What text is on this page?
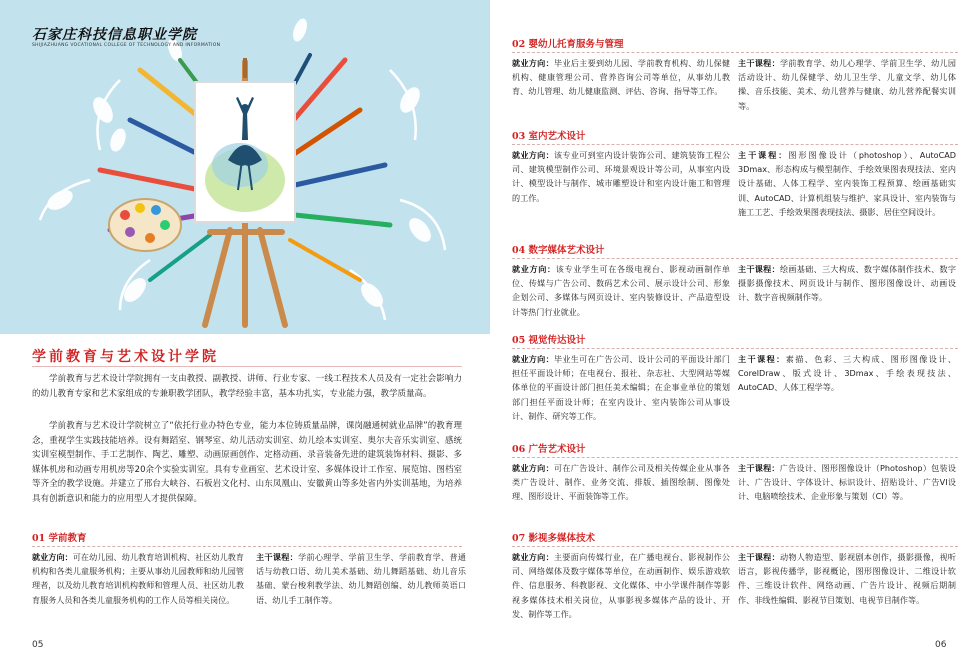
石家庄科技信息职业学院
SHIJIAZHUANG VOCATIONAL COLLEGE OF TECHNOLOGY AND INFORMATION
学前教育与艺术设计学院

学前教育与艺术设计学院拥有一支由教授、副教授、讲师、行业专家、一线工程技术人员及有一定社会影响力的幼儿教育专家和艺术家组成的专兼职教学团队，教学经验丰富，基本功扎实，专业能力强，教学质量高。

学前教育与艺术设计学院树立了“依托行业办特色专业，能力本位铸质量品牌，课岗融通树就业品牌”的教育理念，重视学生实践技能培养。设有舞蹈室、钢琴室、幼儿活动实训室、幼儿绘本实训室、奥尔夫音乐实训室、感统实训室模型制作、手工艺制作、陶艺、雕塑、动画原画创作、定格动画、录音装备先进的建筑装饰材料、摄影、多媒体机房和动画专用机房等20余个实验实训室。具有专业画室、艺术设计室、多媒体设计工作室、展览馆、图档室等齐全的教学设施。并建立了邢台大峡谷、石板岩文化村、山东凤凰山、安徽黄山等多处省内外实训基地，为培养具有创新意识和能力的应用型人才提供保障。

01 学前教育
就业方向：可在幼儿园、幼儿教育培训机构、社区幼儿教育机构和各类儿童服务机构；主要从事幼儿园教师和幼儿园管理者，以及幼儿教育培训机构教师和管理人员、社区幼儿教育服务人员和各类儿童服务机构的工作人员等相关岗位。
主干课程：学前心理学、学前卫生学、学前教育学、普通话与幼教口语、幼儿美术基础、幼儿舞蹈基础、幼儿音乐基础、蒙台梭利教学法、幼儿舞蹈创编、幼儿教师英语口语、幼儿手工制作等。
05
02 婴幼儿托育服务与管理
就业方向：毕业后主要到幼儿园、学前教育机构、幼儿保健机构、健康管理公司、营养咨询公司等单位，从事幼儿教育、幼儿管理、幼儿健康监测、评估、咨询、指导等工作。
主干课程：学前教育学、幼儿心理学、学前卫生学、幼儿园活动设计、幼儿保健学、幼儿卫生学、儿童文学、幼儿体操、音乐技能、美术、幼儿营养与健康、幼儿营养配餐实训等。
03 室内艺术设计
就业方向：该专业可到室内设计装饰公司、建筑装饰工程公司、建筑模型制作公司、环境景观设计等公司，从事室内设计、模型设计与制作、城市雕塑设计和室内设计施工和管理的工作。
主干课程：图形图像设计（photoshop）、AutoCAD 3Dmax、形态构成与模型制作、手绘效果图表现技法、室内设计基础、人体工程学、室内装饰工程预算、绘画基础实训、AutoCAD、计算机组装与维护、家具设计、室内装饰与施工工艺、手绘效果图表现技法、摄影、居住空间设计。
04 数字媒体艺术设计
就业方向：该专业学生可在各级电视台、影视动画制作单位、传媒与广告公司、数码艺术公司、展示设计公司、形象企划公司、多媒体与网页设计、室内装修设计、产品造型设计等热门行业就业。
主干课程：绘画基础、三大构成、数字媒体制作技术、数字摄影摄像技术、网页设计与制作、图形图像设计、动画设计、数字音视频制作等。
05 视觉传达设计
就业方向：毕业生可在广告公司、设计公司的平面设计部门担任平面设计师；在电视台、报社、杂志社、大型网站等媒体单位的平面设计部门担任美术编辑；在企事业单位的策划部门担任平面设计师；在室内设计、室内装饰公司从事设计、制作、研究等工作。
主干课程：素描、色彩、三大构成、图形图像设计、CorelDraw、版式设计、3Dmax、手绘表现技法、AutoCAD、人体工程学等。
06 广告艺术设计
就业方向：可在广告设计、制作公司及相关传媒企业从事各类广告设计、制作、业务交流、排版、插图绘制、图像处理、图形设计、平面装饰等工作。
主干课程：广告设计、图形图像设计（Photoshop）包装设计、广告设计、字体设计、标识设计、招贴设计、广告VI设计、电脑喷绘技术、企业形象与策划（CI）等。
07 影视多媒体技术
就业方向：主要面向传媒行业，在广播电视台、影视制作公司、网络媒体及数字媒体等单位，在动画制作、娱乐游戏软件、信息服务、科教影视、文化媒体、中小学课件制作等影视多媒体技术相关岗位，从事影视多媒体产品的设计、开发、制作等工作。
主干课程：动物人物造型、影视剧本创作，摄影摄像，视听语言，影视传播学，影视概论，图形图像设计、二维设计软件、三维设计软件、网络动画、广告片设计、视频后期制作、非线性编辑、影视节目策划、电视节目制作等。
06
